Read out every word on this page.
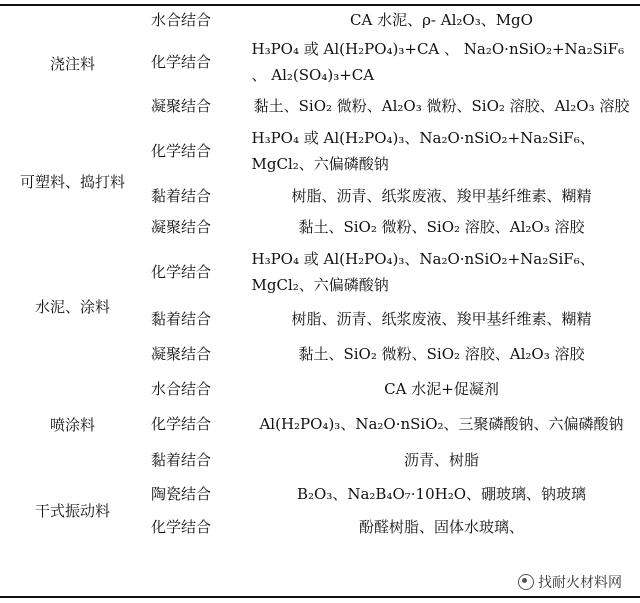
浇注料	水合结合	CA 水泥、ρ- Al₂O₃、MgO
	化学结合	H₃PO₄ 或 Al(H₂PO₄)₃+CA 、 Na₂O·nSiO₂+Na₂SiF₆ 、 Al₂(SO₄)₃+CA
	凝聚结合	黏土、SiO₂ 微粉、Al₂O₃ 微粉、SiO₂ 溶胶、Al₂O₃ 溶胶
可塑料、捣打料	化学结合	H₃PO₄ 或 Al(H₂PO₄)₃、Na₂O·nSiO₂+Na₂SiF₆、MgCl₂、六偏磷酸钠
	黏着结合	树脂、沥青、纸浆废液、羧甲基纤维素、糊精
	凝聚结合	黏土、SiO₂ 微粉、SiO₂ 溶胶、Al₂O₃ 溶胶
水泥、涂料	化学结合	H₃PO₄ 或 Al(H₂PO₄)₃、Na₂O·nSiO₂+Na₂SiF₆、MgCl₂、六偏磷酸钠
	黏着结合	树脂、沥青、纸浆废液、羧甲基纤维素、糊精
	凝聚结合	黏土、SiO₂ 微粉、SiO₂ 溶胶、Al₂O₃ 溶胶
喷涂料	水合结合	CA 水泥+促凝剂
	化学结合	Al(H₂PO₄)₃、Na₂O·nSiO₂、三聚磷酸钠、六偏磷酸钠
	黏着结合	沥青、树脂
干式振动料	陶瓷结合	B₂O₃、Na₂B₄O₇·10H₂O、硼玻璃、钠玻璃
	化学结合	酚醛树脂、固体水玻璃、
找耐火材料网
